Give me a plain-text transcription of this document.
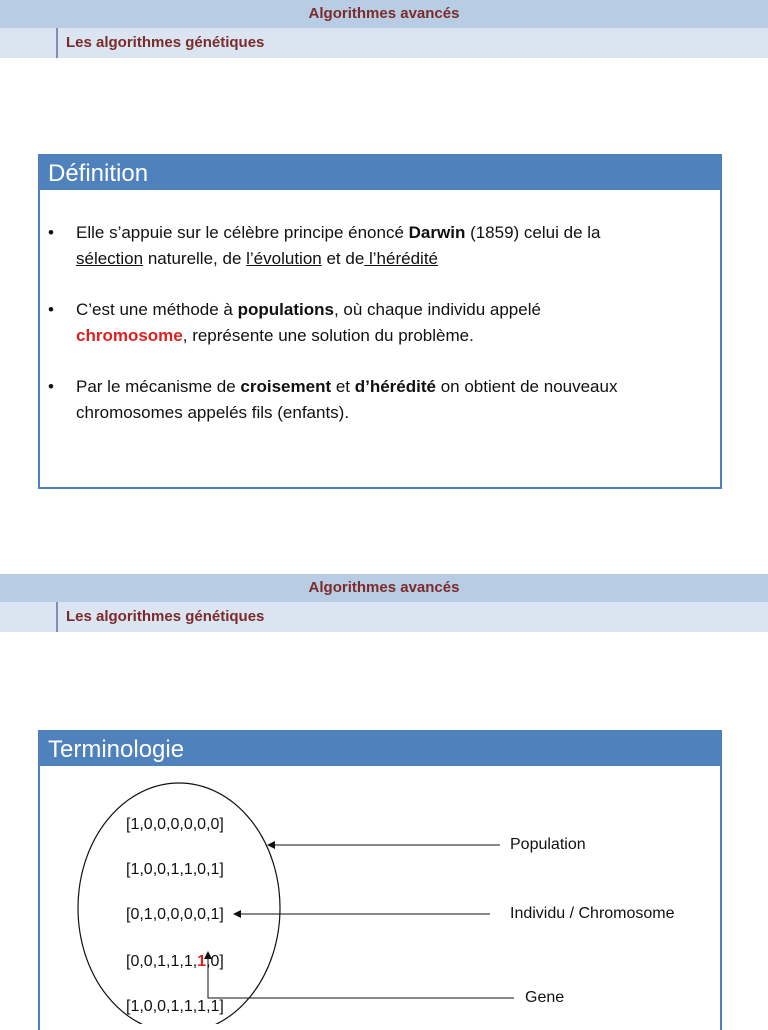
Algorithmes avancés
Les algorithmes génétiques
Définition
• Elle s’appuie sur le célèbre principe énoncé Darwin (1859) celui de la
sélection naturelle, de l’évolution et de l’hérédité
• C’est une méthode à populations, où chaque individu appelé
chromosome, représente une solution du problème.
• Par le mécanisme de croisement et d’hérédité on obtient de nouveaux
chromosomes appelés fils (enfants).
Algorithmes avancés
Les algorithmes génétiques
Terminologie
[1,0,0,0,0,0,0]
[1,0,0,1,1,0,1]
[0,1,0,0,0,0,1]
[0,0,1,1,1,1,0]
[1,0,0,1,1,1,1]
Population
Individu / Chromosome
Gene
